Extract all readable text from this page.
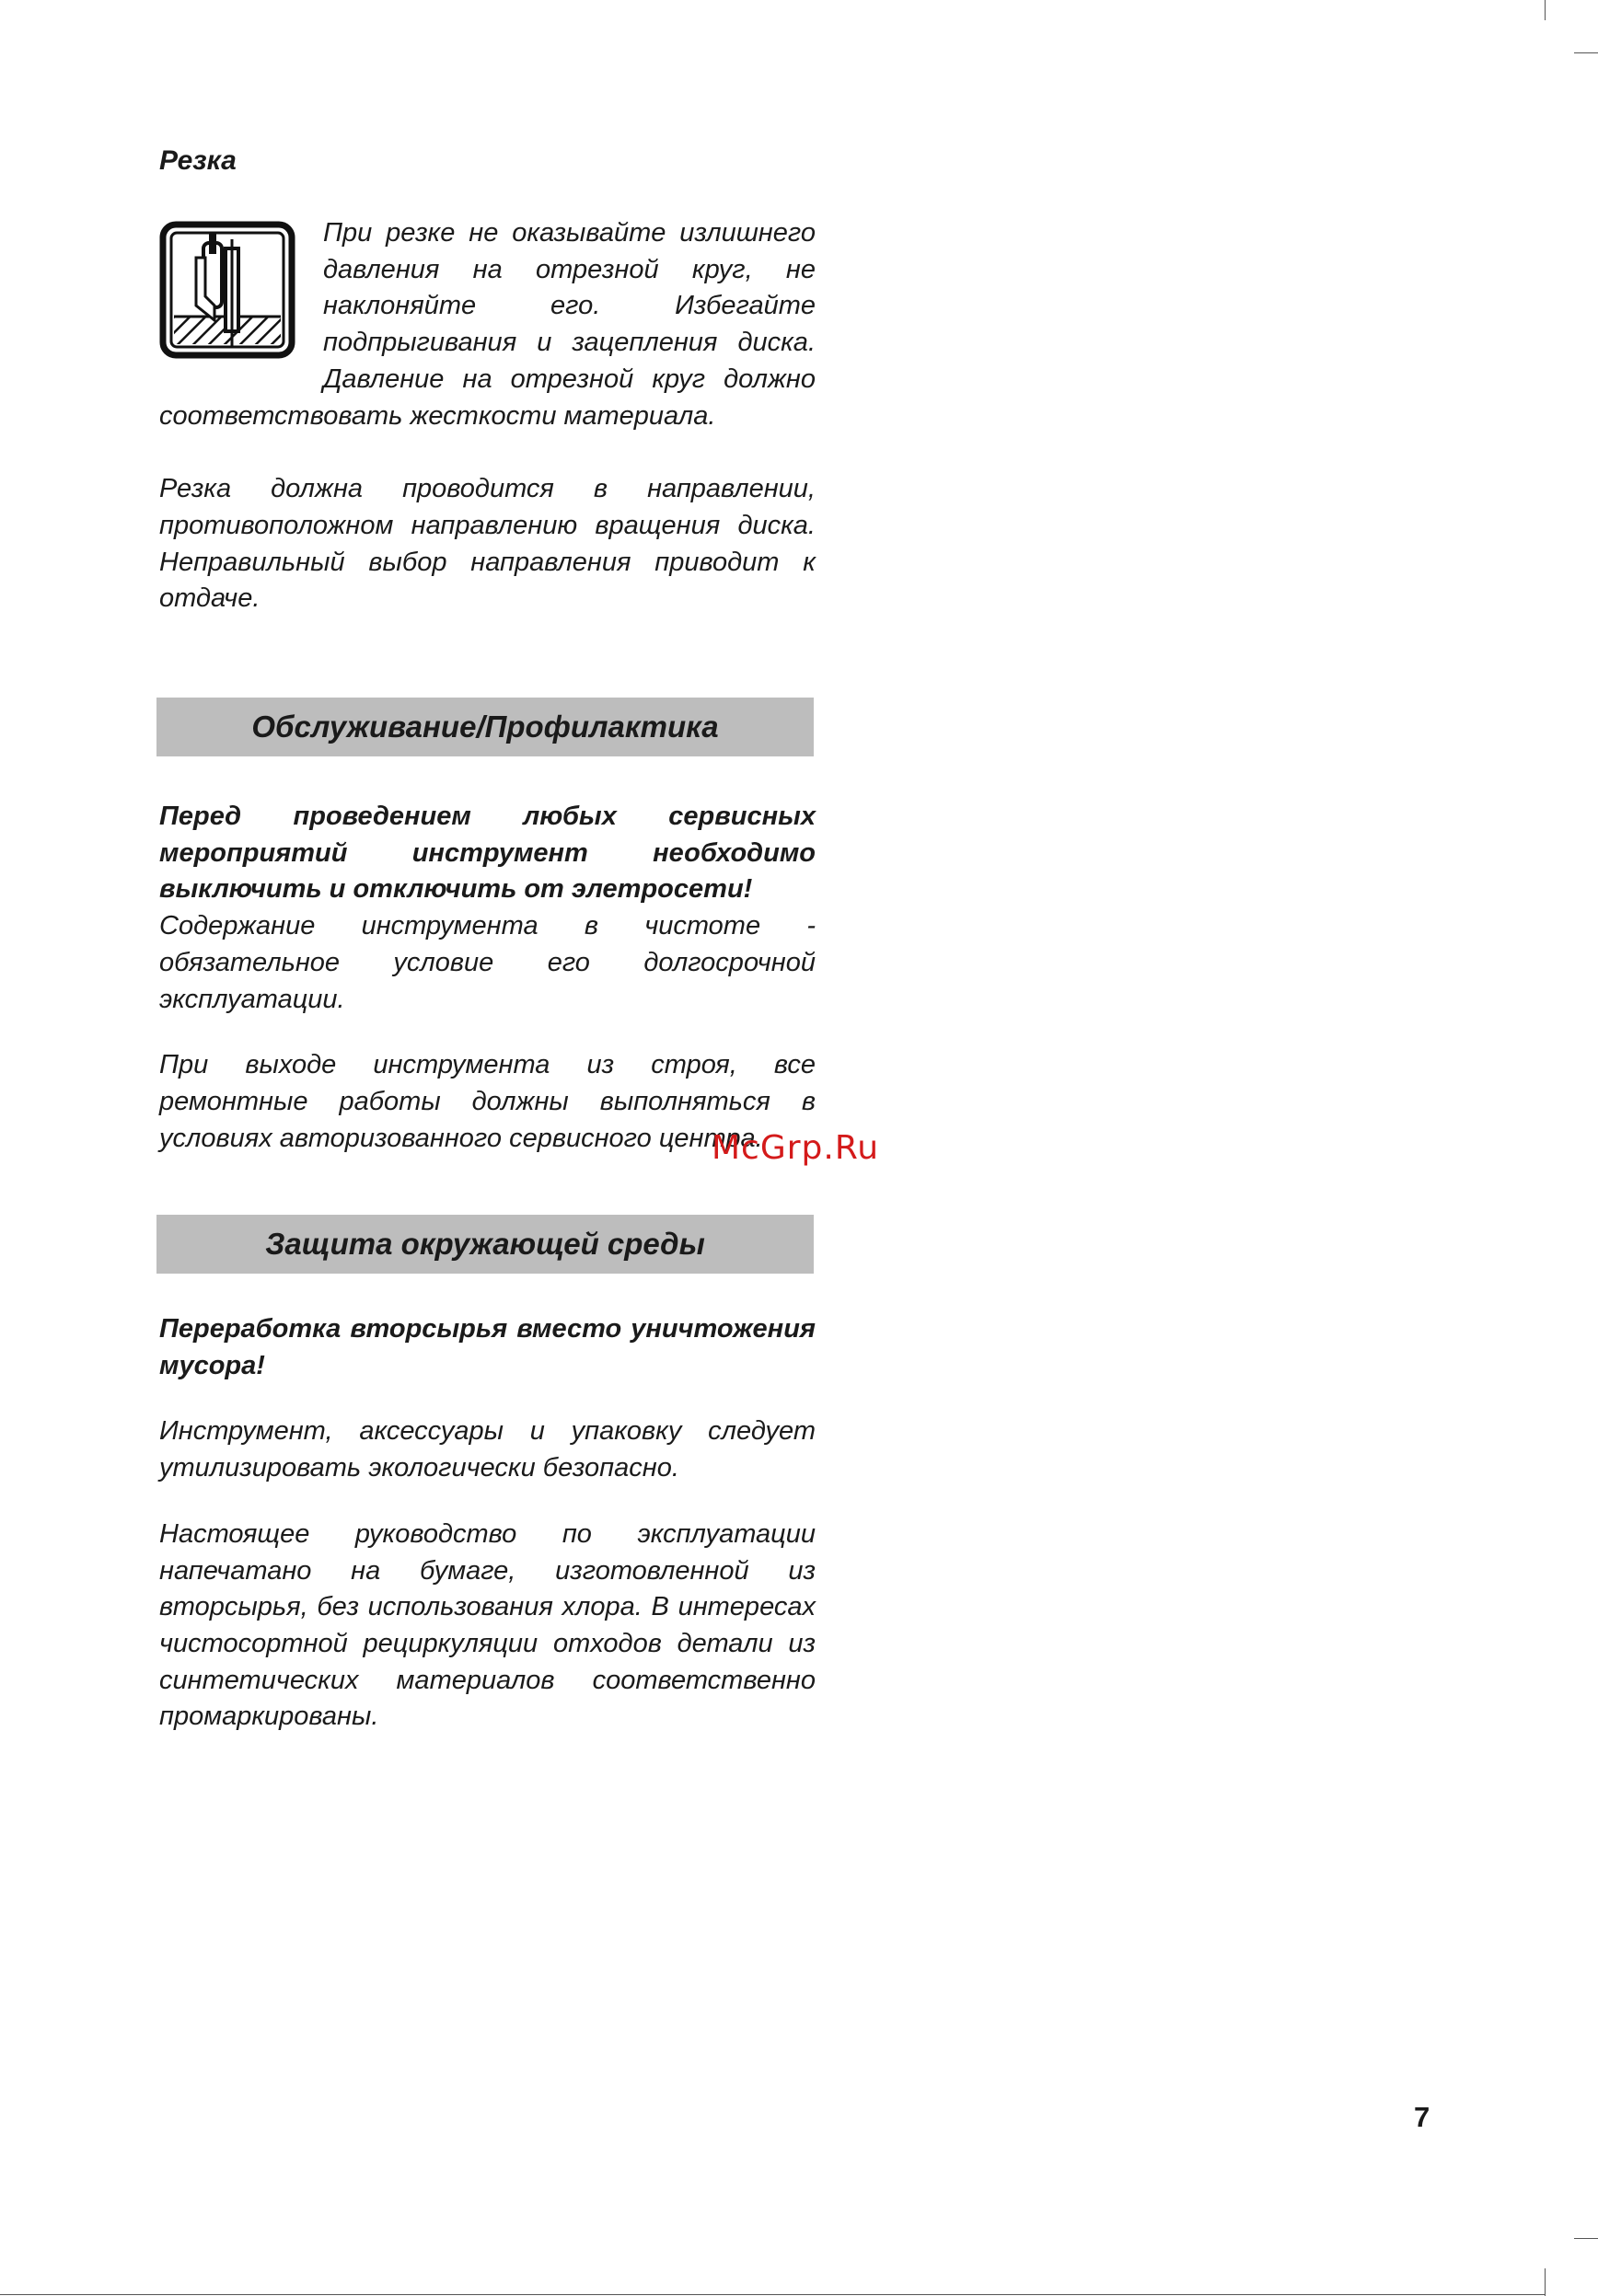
Резка

При резке не оказывайте излишнего давления на отрезной круг, не наклоняйте его. Избегайте подпрыгивания и зацепления диска. Давление на отрезной круг должно соответствовать жесткости материала.

Резка должна проводится в направлении, противоположном направлению вращения диска. Неправильный выбор направления приводит к отдаче.

Обслуживание/Профилактика

Перед проведением любых сервисных мероприятий инструмент необходимо выключить и отключить от элетросети!

Содержание инструмента в чистоте - обязательное условие его долгосрочной эксплуатации.

При выходе инструмента из строя, все ремонтные работы должны выполняться в условиях авторизованного сервисного центра.

Защита окружающей среды

Переработка вторсырья вместо уничтожения мусора!

Инструмент, аксессуары и упаковку следует утилизировать экологически безопасно.

Настоящее руководство по эксплуатации напечатано на бумаге, изготовленной из вторсырья, без использования хлора. В интересах чистосортной рециркуляции отходов детали из синтетических материалов соответственно промаркированы.

McGrp.Ru
7
